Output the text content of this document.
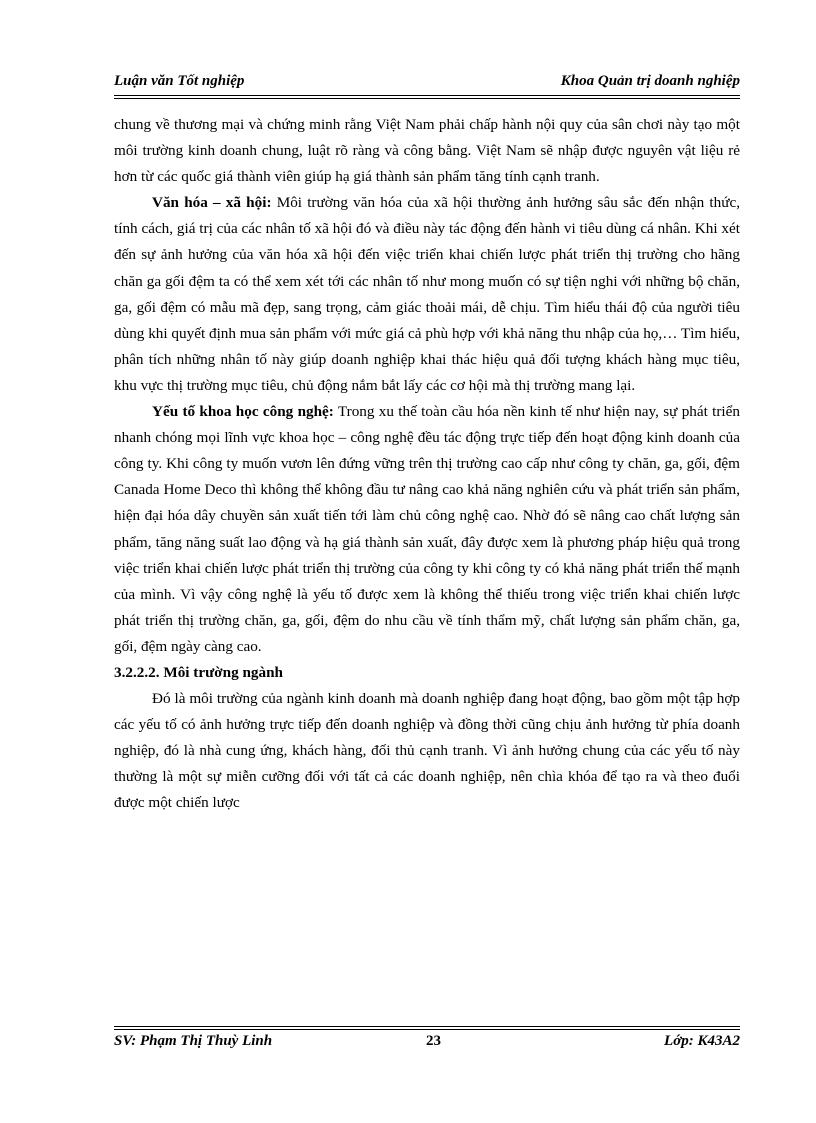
Luận văn Tốt nghiệp	Khoa Quản trị doanh nghiệp

chung về thương mại và chứng minh rằng Việt Nam phải chấp hành nội quy của sân chơi này tạo một môi trường kinh doanh chung, luật rõ ràng và công bằng. Việt Nam sẽ nhập được nguyên vật liệu rẻ hơn từ các quốc giá thành viên giúp hạ giá thành sản phẩm tăng tính cạnh tranh.

Văn hóa – xã hội: Môi trường văn hóa của xã hội thường ảnh hưởng sâu sắc đến nhận thức, tính cách, giá trị của các nhân tố xã hội đó và điều này tác động đến hành vi tiêu dùng cá nhân. Khi xét đến sự ảnh hưởng của văn hóa xã hội đến việc triển khai chiến lược phát triển thị trường cho hãng chăn ga gối đệm ta có thể xem xét tới các nhân tố như mong muốn có sự tiện nghi với những bộ chăn, ga, gối đệm có mẫu mã đẹp, sang trọng, cảm giác thoải mái, dễ chịu. Tìm hiểu thái độ của người tiêu dùng khi quyết định mua sản phẩm với mức giá cả phù hợp với khả năng thu nhập của họ,… Tìm hiểu, phân tích những nhân tố này giúp doanh nghiệp khai thác hiệu quả đối tượng khách hàng mục tiêu, khu vực thị trường mục tiêu, chủ động nắm bắt lấy các cơ hội mà thị trường mang lại.

Yếu tố khoa học công nghệ: Trong xu thế toàn cầu hóa nền kinh tế như hiện nay, sự phát triển nhanh chóng mọi lĩnh vực khoa học – công nghệ đều tác động trực tiếp đến hoạt động kinh doanh của công ty. Khi công ty muốn vươn lên đứng vững trên thị trường cao cấp như công ty chăn, ga, gối, đệm Canada Home Deco thì không thể không đầu tư nâng cao khả năng nghiên cứu và phát triển sản phẩm, hiện đại hóa dây chuyền sản xuất tiến tới làm chủ công nghệ cao. Nhờ đó sẽ nâng cao chất lượng sản phẩm, tăng năng suất lao động và hạ giá thành sản xuất, đây được xem là phương pháp hiệu quả trong việc triển khai chiến lược phát triển thị trường của công ty khi công ty có khả năng phát triển thế mạnh của mình. Vì vậy công nghệ là yếu tố được xem là không thể thiếu trong việc triển khai chiến lược phát triển thị trường chăn, ga, gối, đệm do nhu cầu về tính thẩm mỹ, chất lượng sản phẩm chăn, ga, gối, đệm ngày càng cao.

3.2.2.2. Môi trường ngành

Đó là môi trường của ngành kinh doanh mà doanh nghiệp đang hoạt động, bao gồm một tập hợp các yếu tố có ảnh hưởng trực tiếp đến doanh nghiệp và đồng thời cũng chịu ảnh hưởng từ phía doanh nghiệp, đó là nhà cung ứng, khách hàng, đối thủ cạnh tranh. Vì ảnh hưởng chung của các yếu tố này thường là một sự miễn cưỡng đối với tất cả các doanh nghiệp, nên chìa khóa để tạo ra và theo đuổi được một chiến lược

SV: Phạm Thị Thuỳ Linh	23	Lớp: K43A2
